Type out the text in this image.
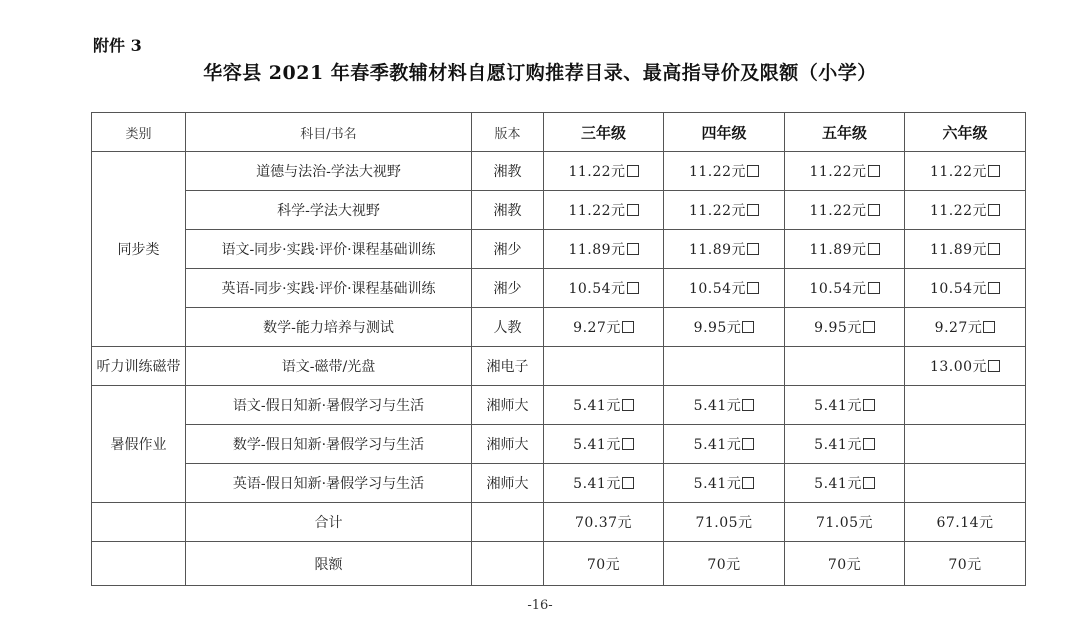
附件 3
华容县 2021 年春季教辅材料自愿订购推荐目录、最高指导价及限额（小学）
类别	科目/书名	版本	三年级	四年级	五年级	六年级
同步类	道德与法治-学法大视野	湘教	11.22元	11.22元	11.22元	11.22元
	科学-学法大视野	湘教	11.22元	11.22元	11.22元	11.22元
	语文-同步·实践·评价·课程基础训练	湘少	11.89元	11.89元	11.89元	11.89元
	英语-同步·实践·评价·课程基础训练	湘少	10.54元	10.54元	10.54元	10.54元
	数学-能力培养与测试	人教	9.27元	9.95元	9.95元	9.27元
听力训练磁带	语文-磁带/光盘	湘电子				13.00元
暑假作业	语文-假日知新·暑假学习与生活	湘师大	5.41元	5.41元	5.41元	
	数学-假日知新·暑假学习与生活	湘师大	5.41元	5.41元	5.41元	
	英语-假日知新·暑假学习与生活	湘师大	5.41元	5.41元	5.41元	
	合计		70.37元	71.05元	71.05元	67.14元
	限额		70元	70元	70元	70元
-16-
